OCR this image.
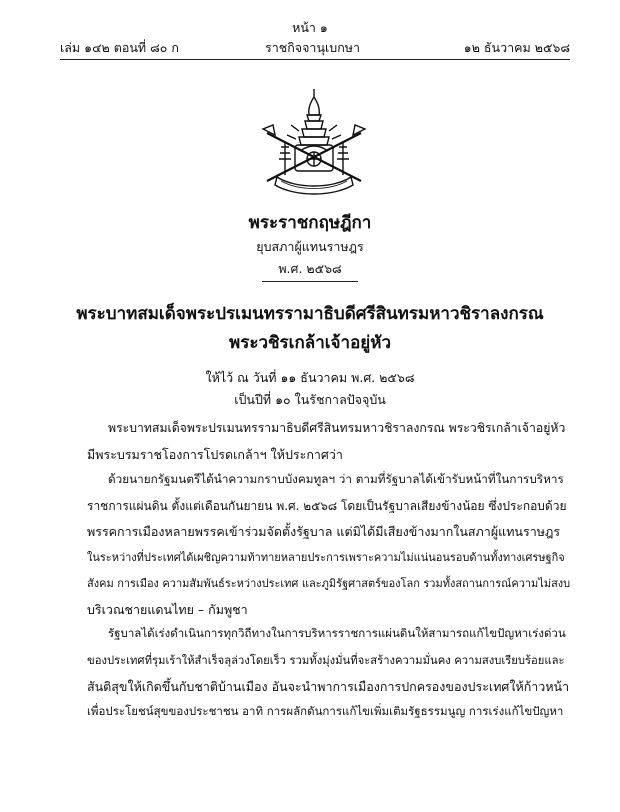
หน้า ๑
เล่ม ๑๔๒ ตอนที่ ๘๐ ก	ราชกิจจานุเบกษา	๑๒ ธันวาคม ๒๕๖๘
พระราชกฤษฎีกา
ยุบสภาผู้แทนราษฎร
พ.ศ. ๒๕๖๘
พระบาทสมเด็จพระปรเมนทรรามาธิบดีศรีสินทรมหาวชิราลงกรณ
พระวชิรเกล้าเจ้าอยู่หัว
ให้ไว้ ณ วันที่ ๑๑ ธันวาคม พ.ศ. ๒๕๖๘
เป็นปีที่ ๑๐ ในรัชกาลปัจจุบัน
พระบาทสมเด็จพระปรเมนทรรามาธิบดีศรีสินทรมหาวชิราลงกรณ พระวชิรเกล้าเจ้าอยู่หัว
มีพระบรมราชโองการโปรดเกล้าฯ ให้ประกาศว่า
ด้วยนายกรัฐมนตรีได้นำความกราบบังคมทูลฯ ว่า ตามที่รัฐบาลได้เข้ารับหน้าที่ในการบริหาร
ราชการแผ่นดิน ตั้งแต่เดือนกันยายน พ.ศ. ๒๕๖๘ โดยเป็นรัฐบาลเสียงข้างน้อย ซึ่งประกอบด้วย
พรรคการเมืองหลายพรรคเข้าร่วมจัดตั้งรัฐบาล แต่มิได้มีเสียงข้างมากในสภาผู้แทนราษฎร
ในระหว่างที่ประเทศได้เผชิญความท้าทายหลายประการเพราะความไม่แน่นอนรอบด้านทั้งทางเศรษฐกิจ
สังคม การเมือง ความสัมพันธ์ระหว่างประเทศ และภูมิรัฐศาสตร์ของโลก รวมทั้งสถานการณ์ความไม่สงบ
บริเวณชายแดนไทย – กัมพูชา
รัฐบาลได้เร่งดำเนินการทุกวิถีทางในการบริหารราชการแผ่นดินให้สามารถแก้ไขปัญหาเร่งด่วน
ของประเทศที่รุมเร้าให้สำเร็จลุล่วงโดยเร็ว รวมทั้งมุ่งมั่นที่จะสร้างความมั่นคง ความสงบเรียบร้อยและ
สันติสุขให้เกิดขึ้นกับชาติบ้านเมือง อันจะนำพาการเมืองการปกครองของประเทศให้ก้าวหน้า
เพื่อประโยชน์สุขของประชาชน อาทิ การผลักดันการแก้ไขเพิ่มเติมรัฐธรรมนูญ การเร่งแก้ไขปัญหา
